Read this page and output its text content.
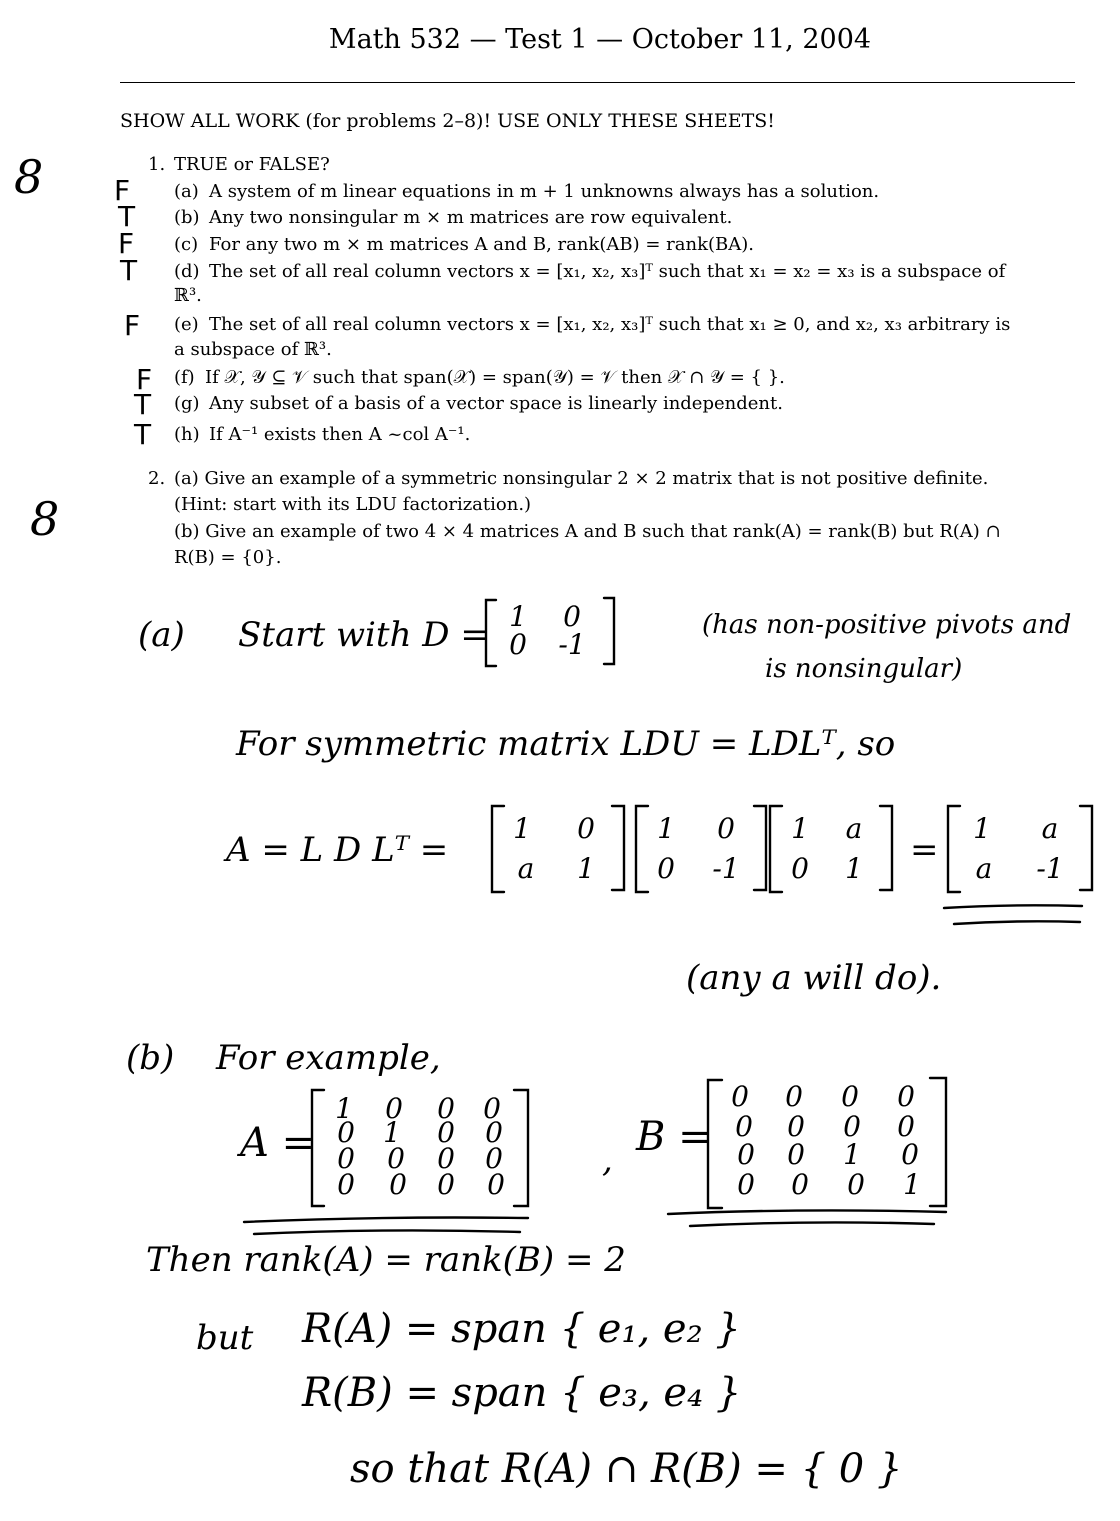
Math 532 — Test 1 — October 11, 2004
SHOW ALL WORK (for problems 2–8)! USE ONLY THESE SHEETS!
8	1. TRUE or FALSE?
F (a) A system of m linear equations in m + 1 unknowns always has a solution.
T (b) Any two nonsingular m × m matrices are row equivalent.
F (c) For any two m × m matrices A and B, rank(AB) = rank(BA).
T (d) The set of all real column vectors x = [x₁, x₂, x₃]ᵀ such that x₁ = x₂ = x₃ is a subspace of
ℝ³.
F (e) The set of all real column vectors x = [x₁, x₂, x₃]ᵀ such that x₁ ≥ 0, and x₂, x₃ arbitrary is
a subspace of ℝ³.
F (f) If 𝒳, 𝒴 ⊆ 𝒱 such that span(𝒳) = span(𝒴) = 𝒱 then 𝒳 ∩ 𝒴 = { }.
T (g) Any subset of a basis of a vector space is linearly independent.
T (h) If A⁻¹ exists then A ~col A⁻¹.
8
2. (a) Give an example of a symmetric nonsingular 2 × 2 matrix that is not positive definite.
(Hint: start with its LDU factorization.)
(b) Give an example of two 4 × 4 matrices A and B such that rank(A) = rank(B) but R(A) ∩
R(B) = {0}.
(a) Start with D = 1	0
0	-1
(has non-positive pivots and
is nonsingular)
For symmetric matrix LDU = LDLᵀ, so
A = L D Lᵀ =
1	0
a	1
1	0
0	-1
1	a
0	1	=
1	a
a	-1
(any a will do).
(b) For example,
A =
1	0	0	0
0	1	0	0
0	0	0	0
0	0	0	0
, B =
0	0	0	0
0	0	0	0
0	0	1	0
0	0	0	1
Then rank(A) = rank(B) = 2
but R(A) = span { e₁, e₂ }
R(B) = span { e₃, e₄ }
so that R(A) ∩ R(B) = { 0 }
